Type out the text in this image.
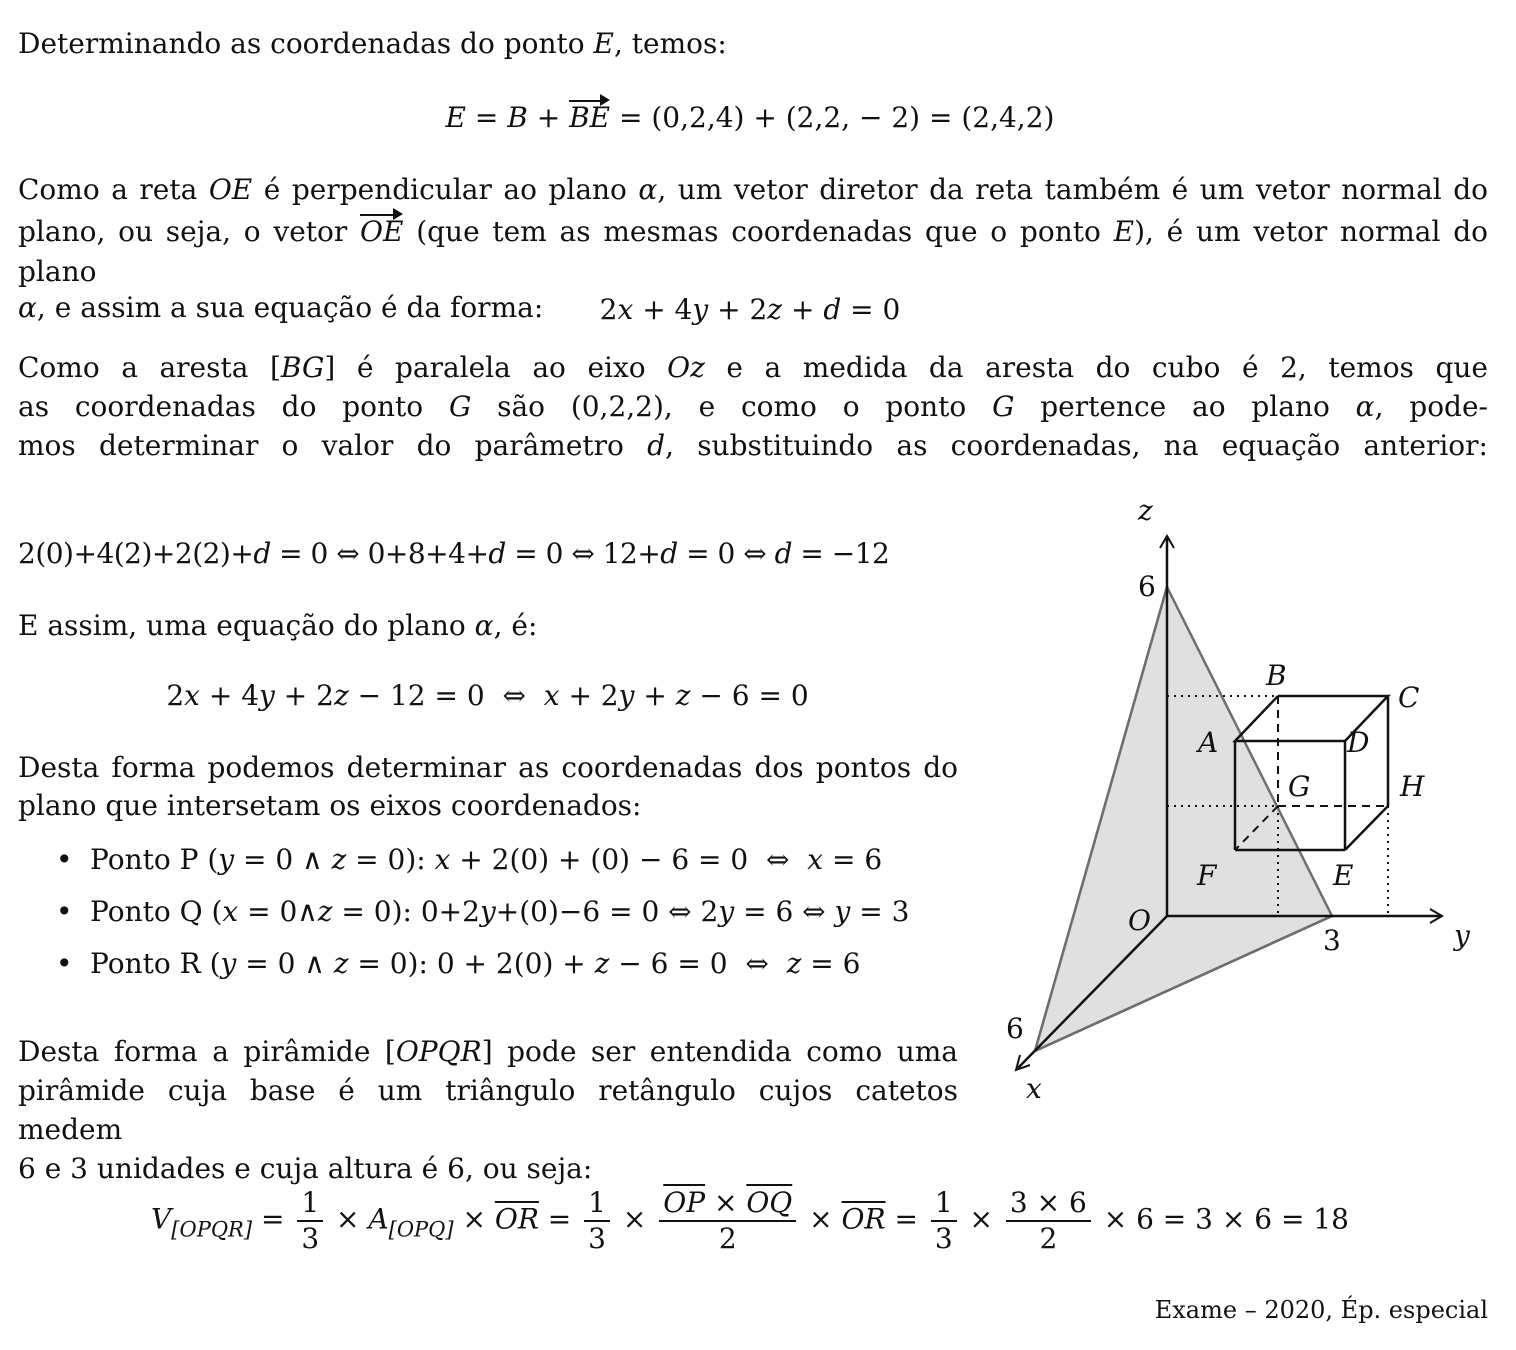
Determinando as coordenadas do ponto E, temos:

E = B + BE = (0,2,4) + (2,2, − 2) = (2,4,2)
Como a reta OE é perpendicular ao plano α, um vetor diretor da reta também é um vetor normal do
plano, ou seja, o vetor OE (que tem as mesmas coordenadas que o ponto E), é um vetor normal do plano
α, e assim a sua equação é da forma:	2x + 4y + 2z + d = 0
Como a aresta [BG] é paralela ao eixo Oz e a medida da aresta do cubo é 2, temos que
as coordenadas do ponto G são (0,2,2), e como o ponto G pertence ao plano α, pode-
mos determinar o valor do parâmetro d, substituindo as coordenadas, na equação anterior:
2(0)+4(2)+2(2)+d = 0 ⇔ 0+8+4+d = 0 ⇔ 12+d = 0 ⇔ d = −12

E assim, uma equação do plano α, é:

2x + 4y + 2z − 12 = 0  ⇔  x + 2y + z − 6 = 0
Desta forma podemos determinar as coordenadas dos pontos do
plano que intersetam os eixos coordenados:
• Ponto P (y = 0 ∧ z = 0): x + 2(0) + (0) − 6 = 0  ⇔  x = 6
• Ponto Q (x = 0∧z = 0): 0+2y+(0)−6 = 0 ⇔ 2y = 6 ⇔ y = 3
• Ponto R (y = 0 ∧ z = 0): 0 + 2(0) + z − 6 = 0  ⇔  z = 6
Desta forma a pirâmide [OPQR] pode ser entendida como uma
pirâmide cuja base é um triângulo retângulo cujos catetos medem
6 e 3 unidades e cuja altura é 6, ou seja:
$V_{[OPQR]} = \frac{1}{3} \times A_{[OPQ]} \times \overline{OR} = \frac{1}{3} \times \frac{\overline{OP} \times \overline{OQ}}{2} \times \overline{OR} = \frac{1}{3} \times \frac{3 \times 6}{2} \times 6 = 3 \times 6 = 18$
Exame – 2020, Ép. especial
z
y
x
O
6
3
6
A
B
C
D
E
F
G	H
